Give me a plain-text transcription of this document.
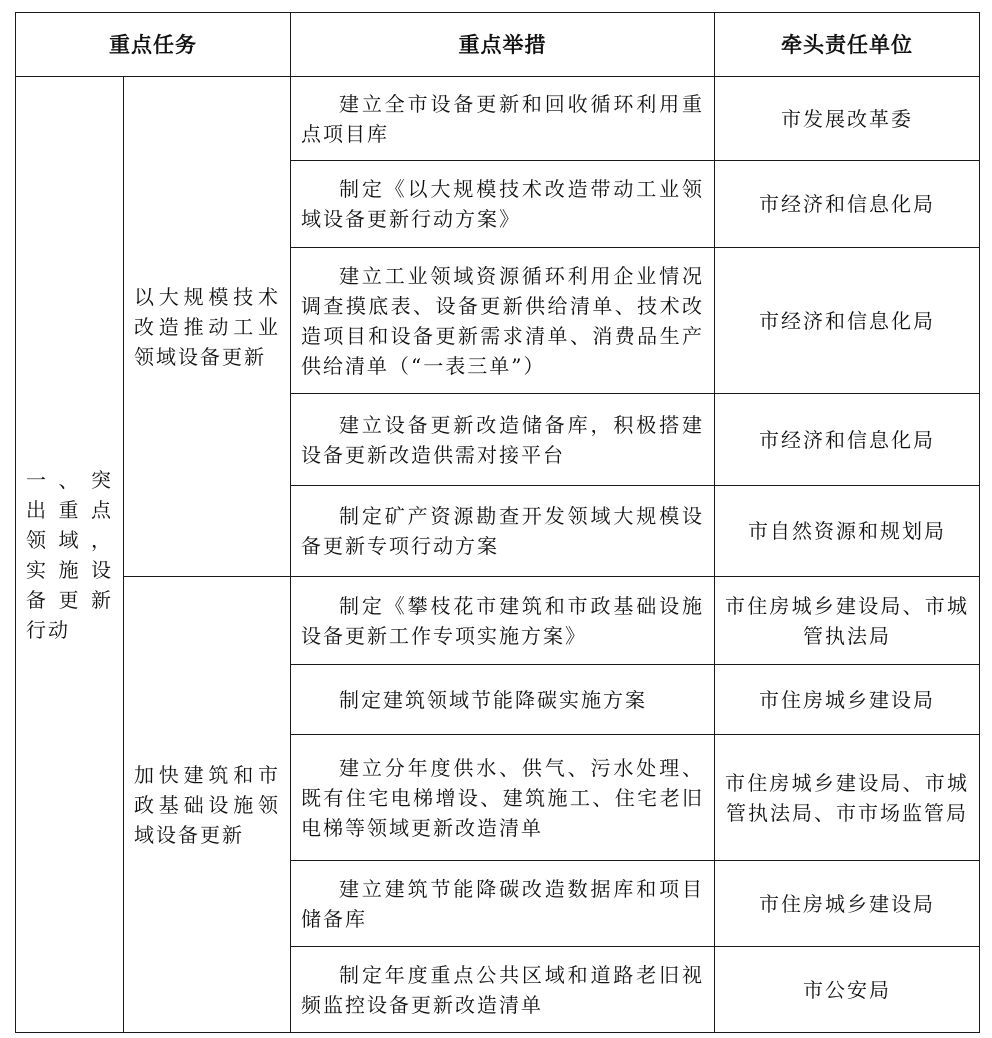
重点任务		重点举措	牵头责任单位
一、突出重点领域，实施设备更新行动	以大规模技术改造推动工业领域设备更新	建立全市设备更新和回收循环利用重点项目库	市发展改革委
		制定《以大规模技术改造带动工业领域设备更新行动方案》	市经济和信息化局
		建立工业领域资源循环利用企业情况调查摸底表、设备更新供给清单、技术改造项目和设备更新需求清单、消费品生产供给清单（“一表三单”）	市经济和信息化局
		建立设备更新改造储备库，积极搭建设备更新改造供需对接平台	市经济和信息化局
		制定矿产资源勘查开发领域大规模设备更新专项行动方案	市自然资源和规划局
	加快建筑和市政基础设施领域设备更新	制定《攀枝花市建筑和市政基础设施设备更新工作专项实施方案》	市住房城乡建设局、市城管执法局
		制定建筑领域节能降碳实施方案	市住房城乡建设局
		建立分年度供水、供气、污水处理、既有住宅电梯增设、建筑施工、住宅老旧电梯等领域更新改造清单	市住房城乡建设局、市城管执法局、市市场监管局
		建立建筑节能降碳改造数据库和项目储备库	市住房城乡建设局
		制定年度重点公共区域和道路老旧视频监控设备更新改造清单	市公安局
